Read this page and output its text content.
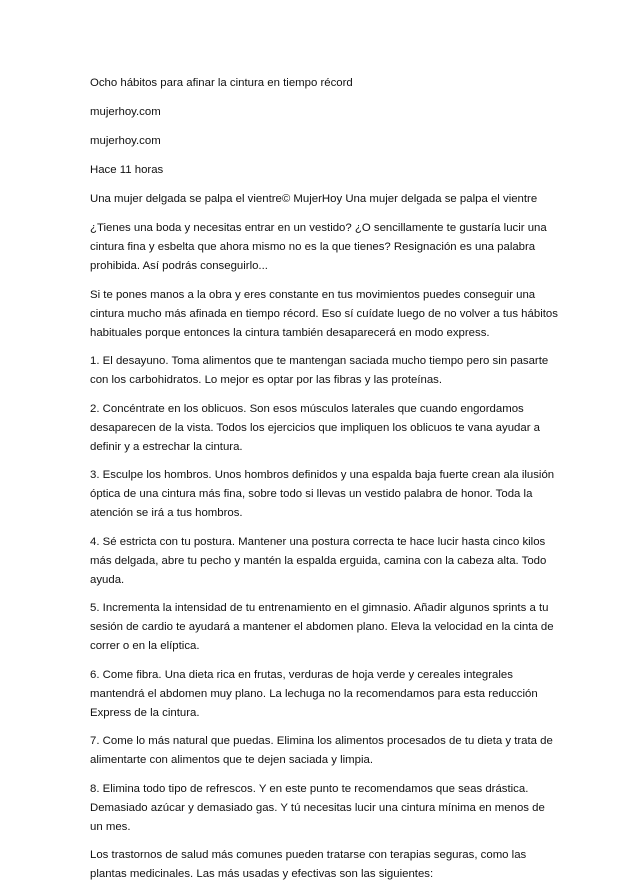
Ocho hábitos para afinar la cintura en tiempo récord

mujerhoy.com

mujerhoy.com

Hace 11 horas

Una mujer delgada se palpa el vientre© MujerHoy Una mujer delgada se palpa el vientre

¿Tienes una boda y necesitas entrar en un vestido? ¿O sencillamente te gustaría lucir una cintura fina y esbelta que ahora mismo no es la que tienes? Resignación es una palabra prohibida. Así podrás conseguirlo...

Si te pones manos a la obra y eres constante en tus movimientos puedes conseguir una cintura mucho más afinada en tiempo récord. Eso sí cuídate luego de no volver a tus hábitos habituales porque entonces la cintura también desaparecerá en modo express.

1. El desayuno. Toma alimentos que te mantengan saciada mucho tiempo pero sin pasarte con los carbohidratos. Lo mejor es optar por las fibras y las proteínas.

2. Concéntrate en los oblicuos. Son esos músculos laterales que cuando engordamos desaparecen de la vista. Todos los ejercicios que impliquen los oblicuos te vana ayudar a definir y a estrechar la cintura.

3. Esculpe los hombros. Unos hombros definidos y una espalda baja fuerte crean ala ilusión óptica de una cintura más fina, sobre todo si llevas un vestido palabra de honor. Toda la atención se irá a tus hombros.

4. Sé estricta con tu postura. Mantener una postura correcta te hace lucir hasta cinco kilos más delgada, abre tu pecho y mantén la espalda erguida, camina con la cabeza alta. Todo ayuda.

5. Incrementa la intensidad de tu entrenamiento en el gimnasio. Añadir algunos sprints a tu sesión de cardio te ayudará a mantener el abdomen plano. Eleva la velocidad en la cinta de correr o en la elíptica.

6. Come fibra. Una dieta rica en frutas, verduras de hoja verde y cereales integrales mantendrá el abdomen muy plano. La lechuga no la recomendamos para esta reducción Express de la cintura.

7. Come lo más natural que puedas. Elimina los alimentos procesados de tu dieta y trata de alimentarte con alimentos que te dejen saciada y limpia.

8. Elimina todo tipo de refrescos. Y en este punto te recomendamos que seas drástica. Demasiado azúcar y demasiado gas. Y tú necesitas lucir una cintura mínima en menos de un mes.

Los trastornos de salud más comunes pueden tratarse con terapias seguras, como las plantas medicinales. Las más usadas y efectivas son las siguientes:
